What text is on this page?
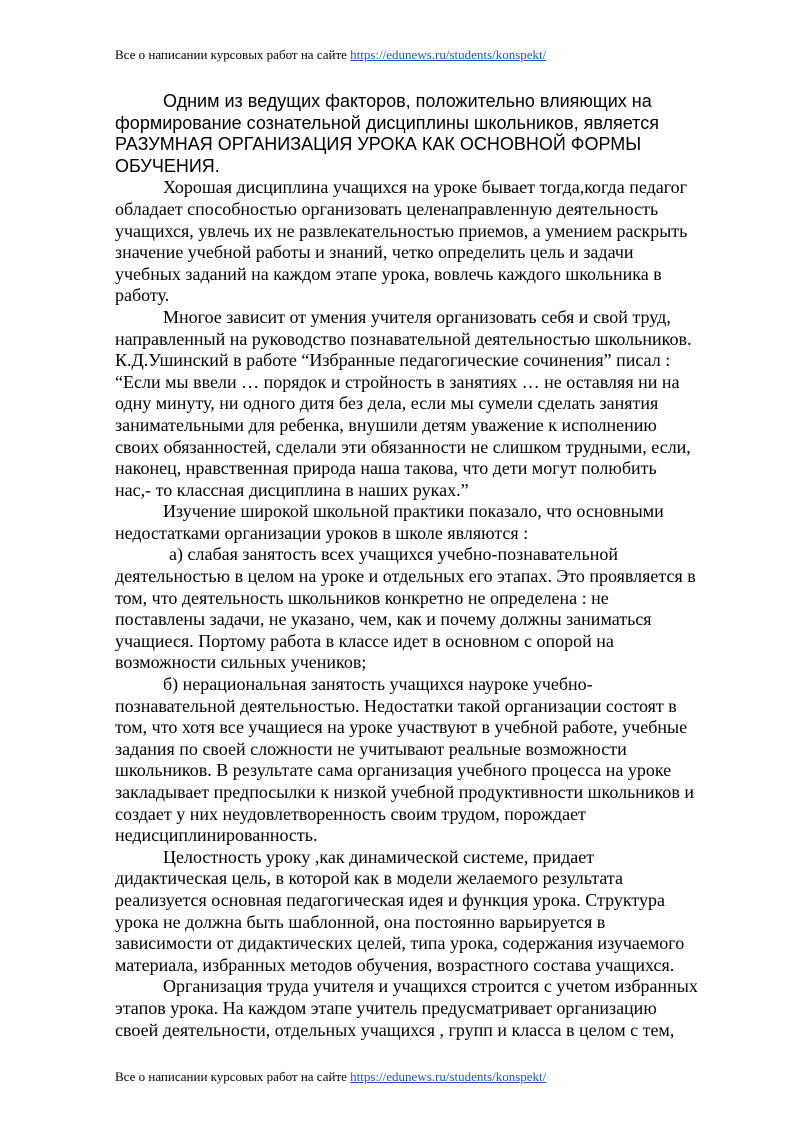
Все о написании курсовых работ на сайте https://edunews.ru/students/konspekt/
Одним из ведущих факторов, положительно влияющих на
формирование сознательной дисциплины школьников, является
РАЗУМНАЯ ОРГАНИЗАЦИЯ УРОКА КАК ОСНОВНОЙ ФОРМЫ
ОБУЧЕНИЯ.
Хорошая дисциплина учащихся на уроке бывает тогда,когда педагог
обладает способностью организовать целенаправленную деятельность
учащихся, увлечь их не развлекательностью приемов, а умением раскрыть
значение учебной работы и знаний, четко определить цель и задачи
учебных заданий на каждом этапе урока, вовлечь каждого школьника в
работу.
Многое зависит от умения учителя организовать себя и свой труд,
направленный на руководство познавательной деятельностью школьников.
К.Д.Ушинский в работе “Избранные педагогические сочинения” писал :
“Если мы ввели … порядок и стройность в занятиях … не оставляя ни на
одну минуту, ни одного дитя без дела, если мы сумели сделать занятия
занимательными для ребенка, внушили детям уважение к исполнению
своих обязанностей, сделали эти обязанности не слишком трудными, если,
наконец, нравственная природа наша такова, что дети могут полюбить
нас,- то классная дисциплина в наших руках.”
Изучение широкой школьной практики показало, что основными
недостатками организации уроков в школе являются :
а) слабая занятость всех учащихся учебно-познавательной
деятельностью в целом на уроке и отдельных его этапах. Это проявляется в
том, что деятельность школьников конкретно не определена : не
поставлены задачи, не указано, чем, как и почему должны заниматься
учащиеся. Портому работа в классе идет в основном с опорой на
возможности сильных учеников;
б) нерациональная занятость учащихся науроке учебно-
познавательной деятельностью. Недостатки такой организации состоят в
том, что хотя все учащиеся на уроке участвуют в учебной работе, учебные
задания по своей сложности не учитывают реальные возможности
школьников. В результате сама организация учебного процесса на уроке
закладывает предпосылки к низкой учебной продуктивности школьников и
создает у них неудовлетворенность своим трудом, порождает
недисциплинированность.
Целостность уроку ,как динамической системе, придает
дидактическая цель, в которой как в модели желаемого результата
реализуется основная педагогическая идея и функция урока. Структура
урока не должна быть шаблонной, она постоянно варьируется в
зависимости от дидактических целей, типа урока, содержания изучаемого
материала, избранных методов обучения, возрастного состава учащихся.
Организация труда учителя и учащихся строится с учетом избранных
этапов урока. На каждом этапе учитель предусматривает организацию
своей деятельности, отдельных учащихся , групп и класса в целом с тем,
Все о написании курсовых работ на сайте https://edunews.ru/students/konspekt/
